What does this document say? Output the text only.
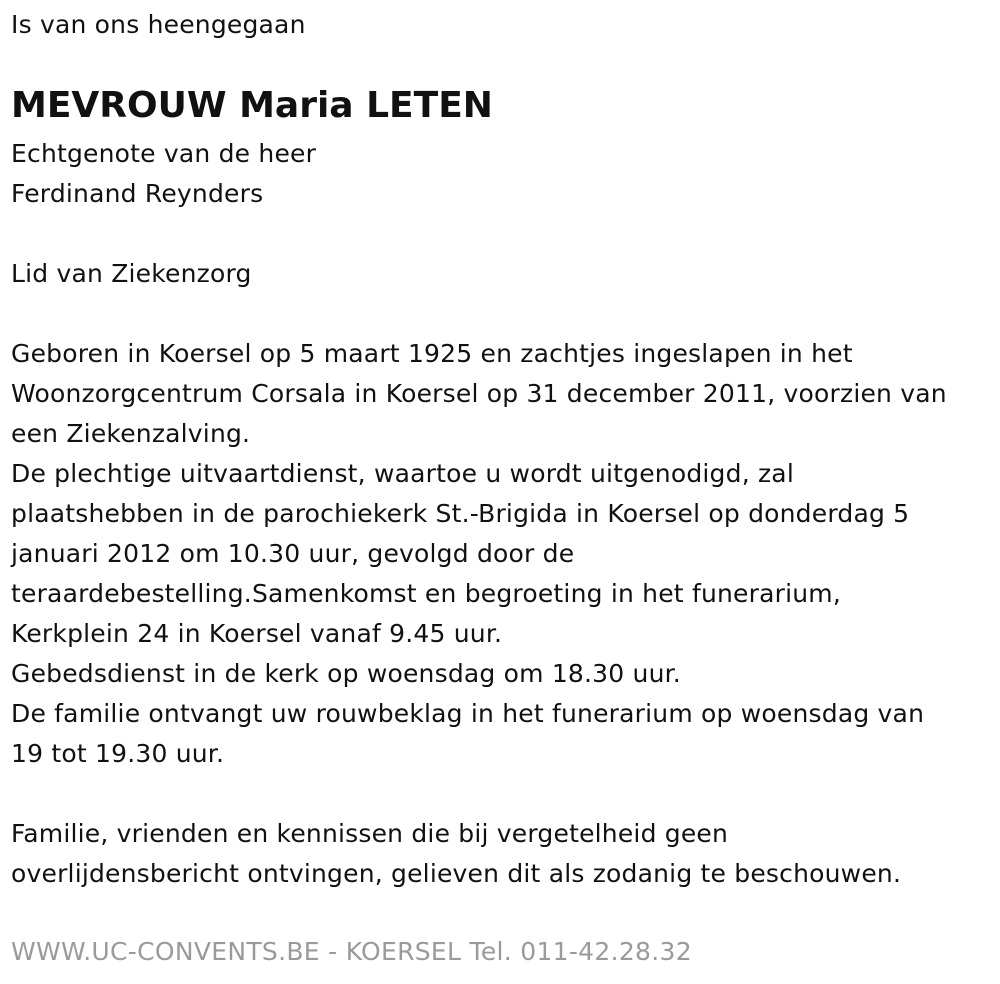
Is van ons heengegaan
MEVROUW Maria LETEN
Echtgenote van de heer
Ferdinand Reynders
Lid van Ziekenzorg
Geboren in Koersel op 5 maart 1925 en zachtjes ingeslapen in het
Woonzorgcentrum Corsala in Koersel op 31 december 2011, voorzien van
een Ziekenzalving.
De plechtige uitvaartdienst, waartoe u wordt uitgenodigd, zal
plaatshebben in de parochiekerk St.-Brigida in Koersel op donderdag 5
januari 2012 om 10.30 uur, gevolgd door de
teraardebestelling.Samenkomst en begroeting in het funerarium,
Kerkplein 24 in Koersel vanaf 9.45 uur.
Gebedsdienst in de kerk op woensdag om 18.30 uur.
De familie ontvangt uw rouwbeklag in het funerarium op woensdag van
19 tot 19.30 uur.
Familie, vrienden en kennissen die bij vergetelheid geen
overlijdensbericht ontvingen, gelieven dit als zodanig te beschouwen.
WWW.UC-CONVENTS.BE - KOERSEL Tel. 011-42.28.32
